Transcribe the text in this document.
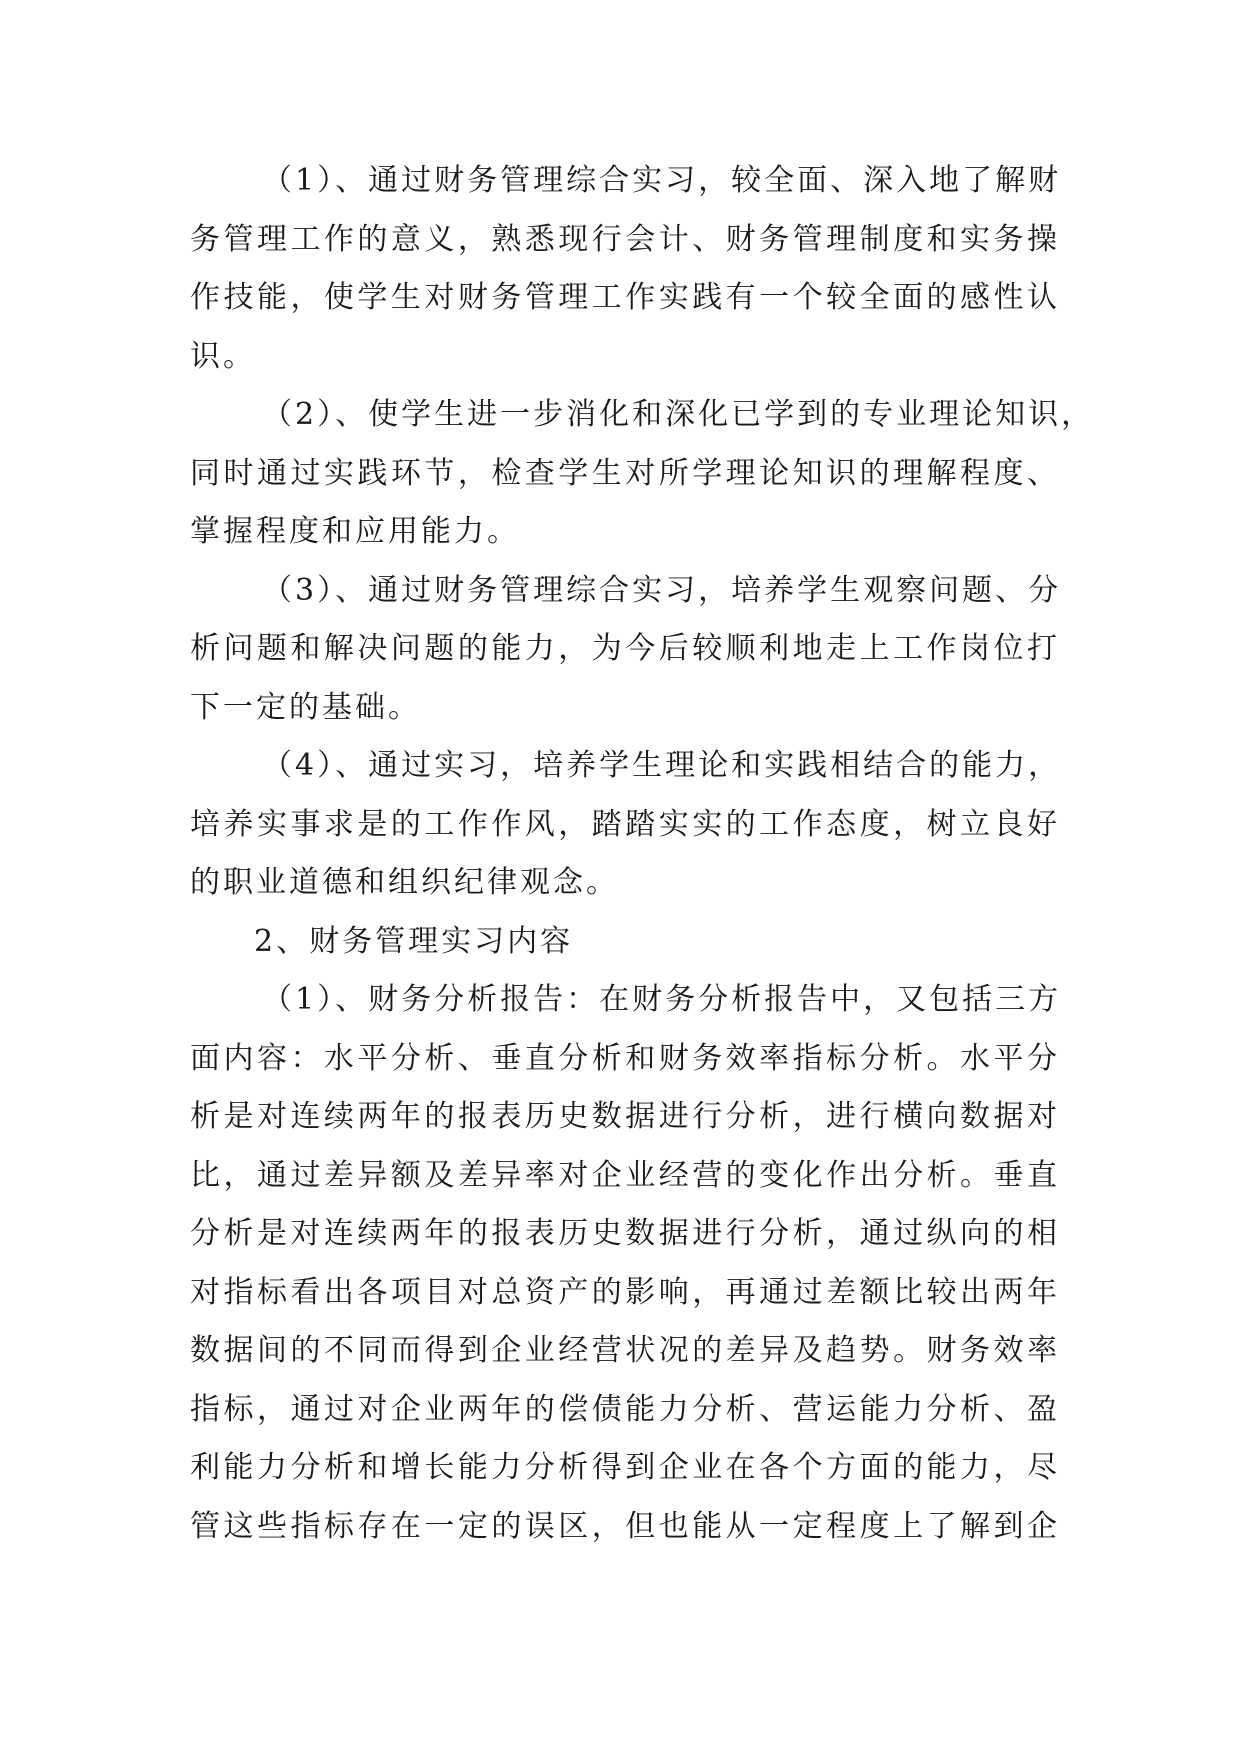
（1）、通过财务管理综合实习，较全面、深入地了解财
务管理工作的意义，熟悉现行会计、财务管理制度和实务操
作技能，使学生对财务管理工作实践有一个较全面的感性认
识。
（2）、使学生进一步消化和深化已学到的专业理论知识，
同时通过实践环节，检查学生对所学理论知识的理解程度、
掌握程度和应用能力。
（3）、通过财务管理综合实习，培养学生观察问题、分
析问题和解决问题的能力，为今后较顺利地走上工作岗位打
下一定的基础。
（4）、通过实习，培养学生理论和实践相结合的能力，
培养实事求是的工作作风，踏踏实实的工作态度，树立良好
的职业道德和组织纪律观念。
2、财务管理实习内容
（1）、财务分析报告：在财务分析报告中，又包括三方
面内容：水平分析、垂直分析和财务效率指标分析。水平分
析是对连续两年的报表历史数据进行分析，进行横向数据对
比，通过差异额及差异率对企业经营的变化作出分析。垂直
分析是对连续两年的报表历史数据进行分析，通过纵向的相
对指标看出各项目对总资产的影响，再通过差额比较出两年
数据间的不同而得到企业经营状况的差异及趋势。财务效率
指标，通过对企业两年的偿债能力分析、营运能力分析、盈
利能力分析和增长能力分析得到企业在各个方面的能力，尽
管这些指标存在一定的误区，但也能从一定程度上了解到企
